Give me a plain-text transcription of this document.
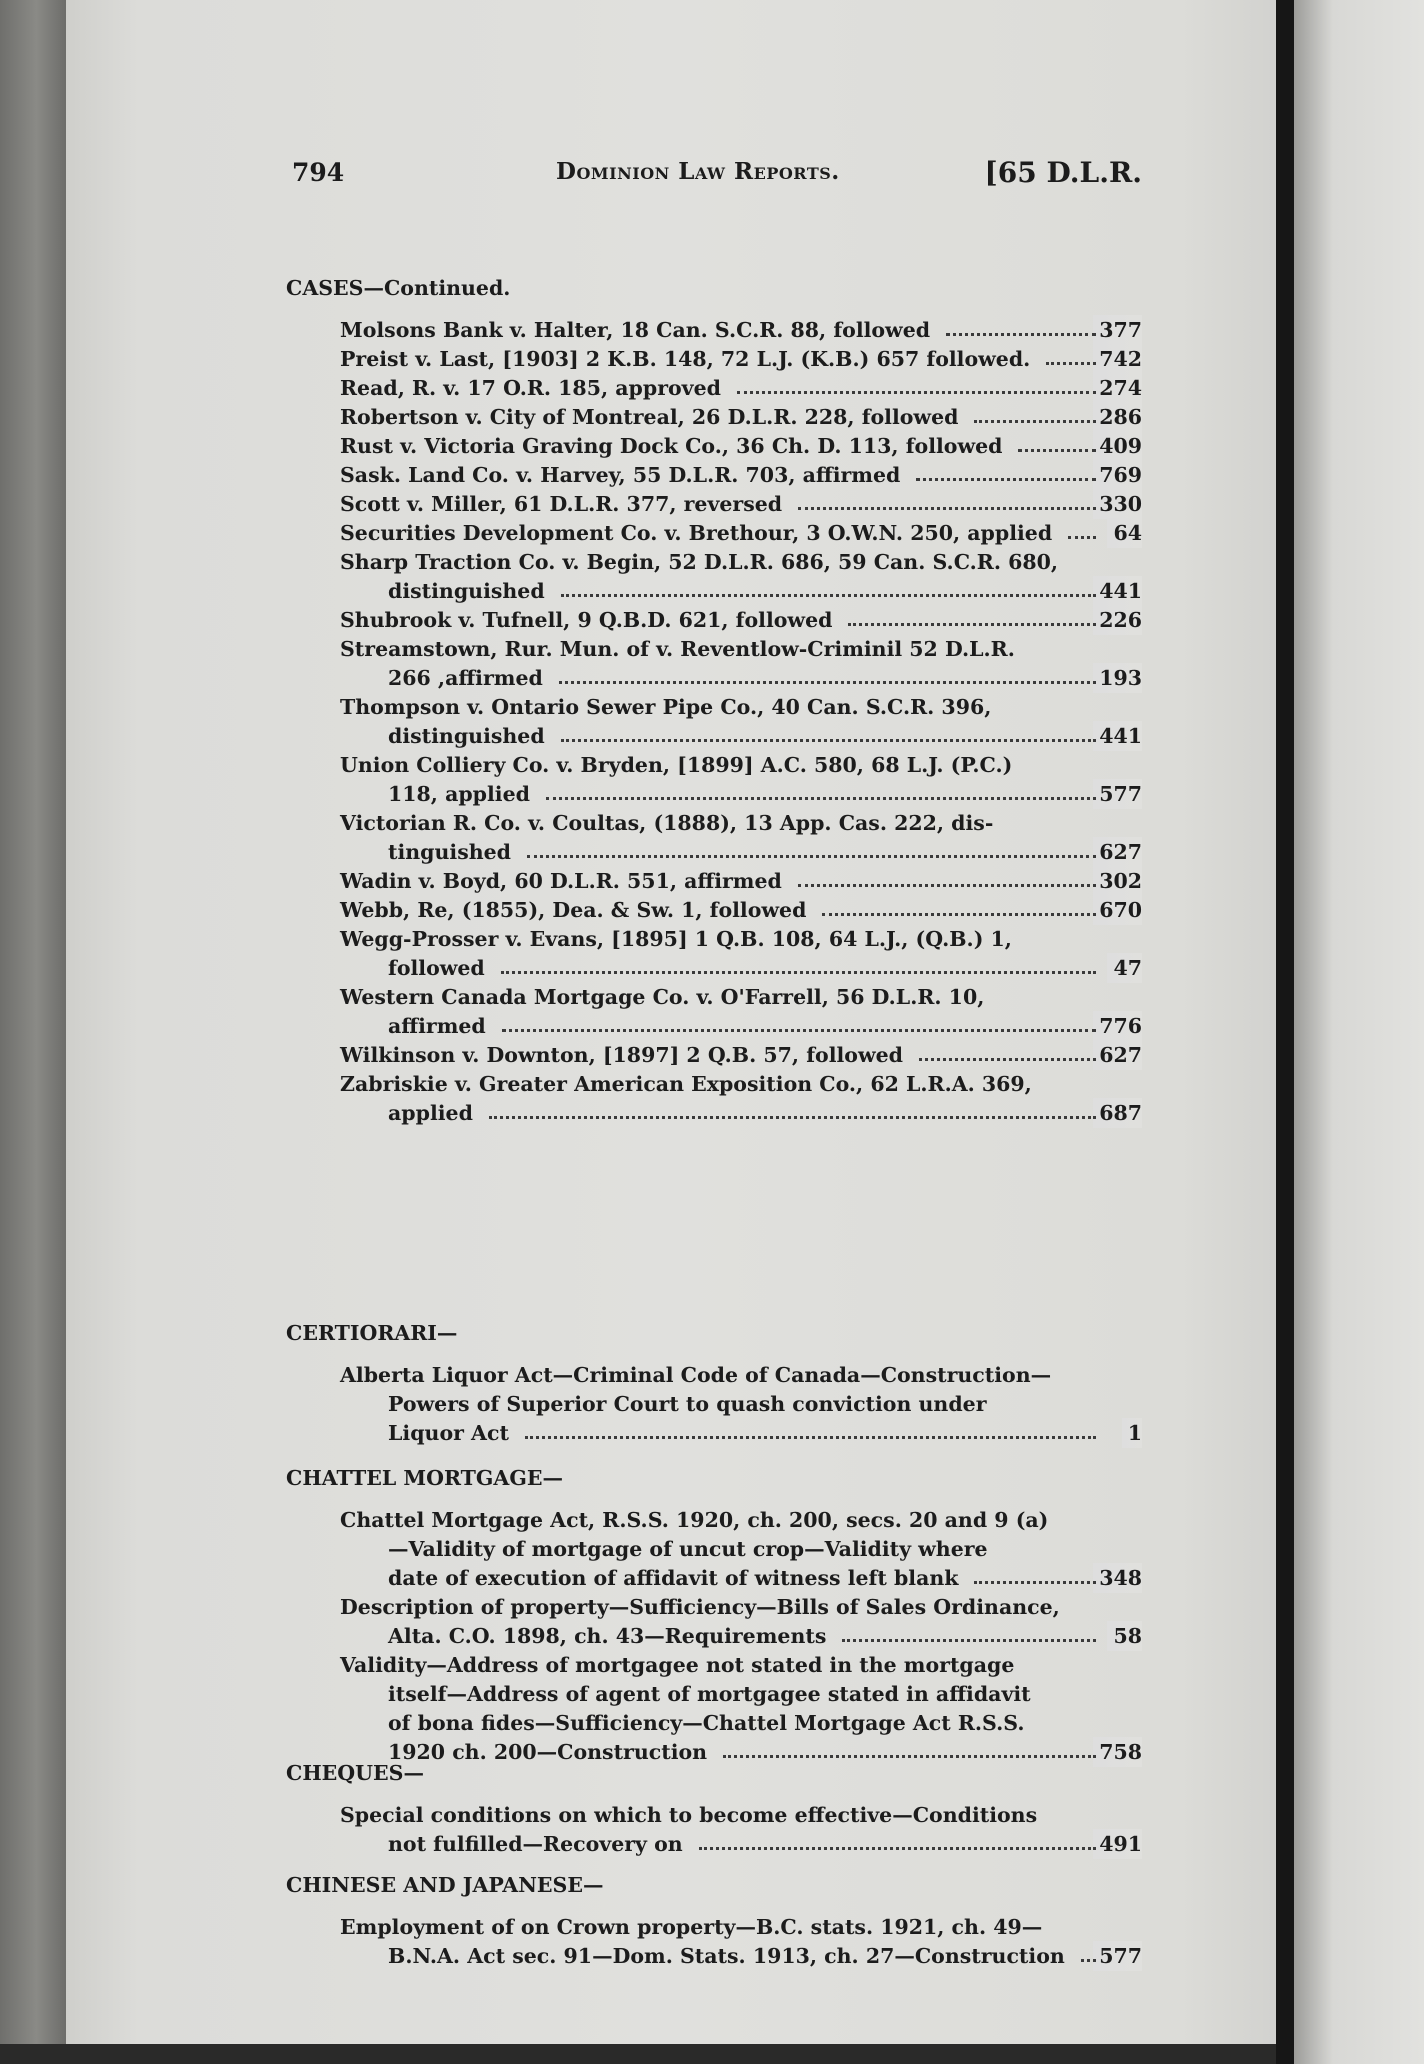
794	Dominion Law Reports.	[65 D.L.R.
CASES—Continued.
Molsons Bank v. Halter, 18 Can. S.C.R. 88, followed	377
Preist v. Last, [1903] 2 K.B. 148, 72 L.J. (K.B.) 657 followed.	742
Read, R. v. 17 O.R. 185, approved	274
Robertson v. City of Montreal, 26 D.L.R. 228, followed	286
Rust v. Victoria Graving Dock Co., 36 Ch. D. 113, followed	409
Sask. Land Co. v. Harvey, 55 D.L.R. 703, affirmed	769
Scott v. Miller, 61 D.L.R. 377, reversed	330
Securities Development Co. v. Brethour, 3 O.W.N. 250, applied	64
Sharp Traction Co. v. Begin, 52 D.L.R. 686, 59 Can. S.C.R. 680,
distinguished	441
Shubrook v. Tufnell, 9 Q.B.D. 621, followed	226
Streamstown, Rur. Mun. of v. Reventlow-Criminil 52 D.L.R.
266 ,affirmed	193
Thompson v. Ontario Sewer Pipe Co., 40 Can. S.C.R. 396,
distinguished	441
Union Colliery Co. v. Bryden, [1899] A.C. 580, 68 L.J. (P.C.)
118, applied	577
Victorian R. Co. v. Coultas, (1888), 13 App. Cas. 222, dis-
tinguished	627
Wadin v. Boyd, 60 D.L.R. 551, affirmed	302
Webb, Re, (1855), Dea. & Sw. 1, followed	670
Wegg-Prosser v. Evans, [1895] 1 Q.B. 108, 64 L.J., (Q.B.) 1,
followed	47
Western Canada Mortgage Co. v. O'Farrell, 56 D.L.R. 10,
affirmed	776
Wilkinson v. Downton, [1897] 2 Q.B. 57, followed	627
Zabriskie v. Greater American Exposition Co., 62 L.R.A. 369,
applied	687
CERTIORARI—
Alberta Liquor Act—Criminal Code of Canada—Construction—
Powers of Superior Court to quash conviction under
Liquor Act	1
CHATTEL MORTGAGE—
Chattel Mortgage Act, R.S.S. 1920, ch. 200, secs. 20 and 9 (a)
—Validity of mortgage of uncut crop—Validity where
date of execution of affidavit of witness left blank	348
Description of property—Sufficiency—Bills of Sales Ordinance,
Alta. C.O. 1898, ch. 43—Requirements	58
Validity—Address of mortgagee not stated in the mortgage
itself—Address of agent of mortgagee stated in affidavit
of bona fides—Sufficiency—Chattel Mortgage Act R.S.S.
1920 ch. 200—Construction	758
CHEQUES—
Special conditions on which to become effective—Conditions
not fulfilled—Recovery on	491
CHINESE AND JAPANESE—
Employment of on Crown property—B.C. stats. 1921, ch. 49—
B.N.A. Act sec. 91—Dom. Stats. 1913, ch. 27—Construction 577
